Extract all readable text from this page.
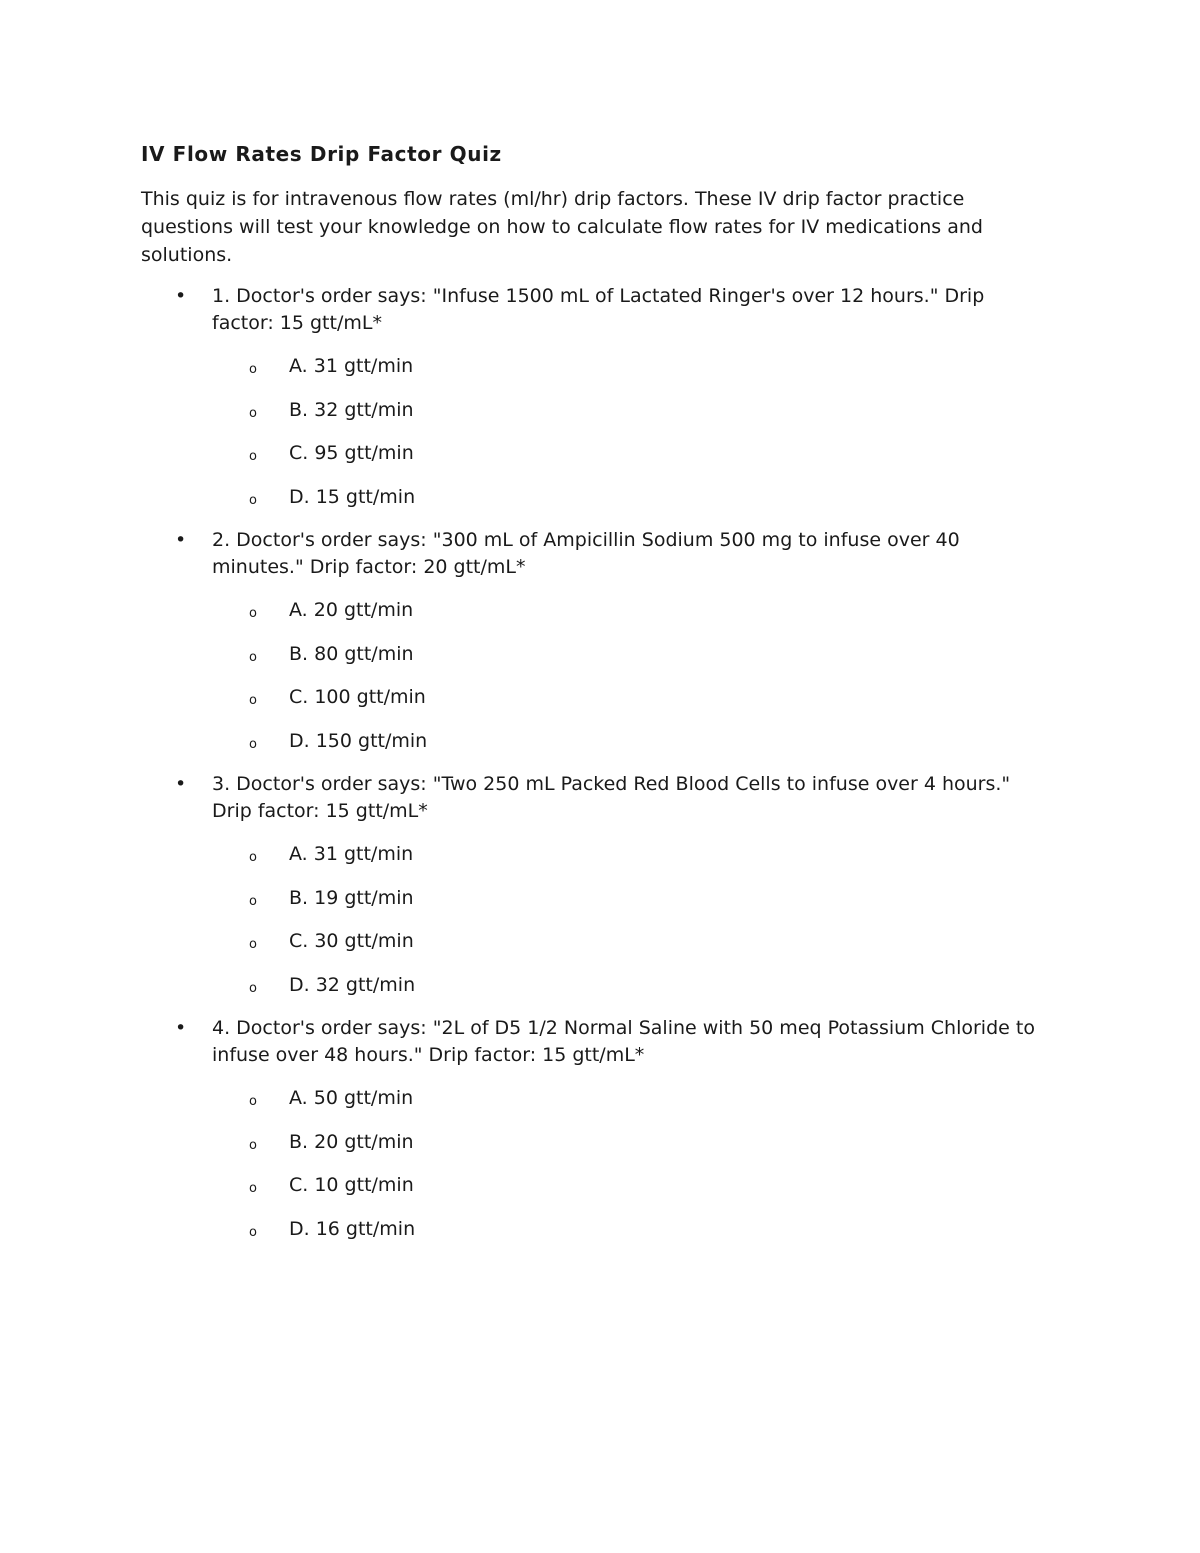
IV Flow Rates Drip Factor Quiz

This quiz is for intravenous flow rates (ml/hr) drip factors. These IV drip factor practice questions will test your knowledge on how to calculate flow rates for IV medications and solutions.

• 1. Doctor's order says: "Infuse 1500 mL of Lactated Ringer's over 12 hours." Drip factor: 15 gtt/mL*
o A. 31 gtt/min
o B. 32 gtt/min
o C. 95 gtt/min
o D. 15 gtt/min
• 2. Doctor's order says: "300 mL of Ampicillin Sodium 500 mg to infuse over 40 minutes." Drip factor: 20 gtt/mL*
o A. 20 gtt/min
o B. 80 gtt/min
o C. 100 gtt/min
o D. 150 gtt/min
• 3. Doctor's order says: "Two 250 mL Packed Red Blood Cells to infuse over 4 hours." Drip factor: 15 gtt/mL*
o A. 31 gtt/min
o B. 19 gtt/min
o C. 30 gtt/min
o D. 32 gtt/min
• 4. Doctor's order says: "2L of D5 1/2 Normal Saline with 50 meq Potassium Chloride to infuse over 48 hours." Drip factor: 15 gtt/mL*
o A. 50 gtt/min
o B. 20 gtt/min
o C. 10 gtt/min
o D. 16 gtt/min
